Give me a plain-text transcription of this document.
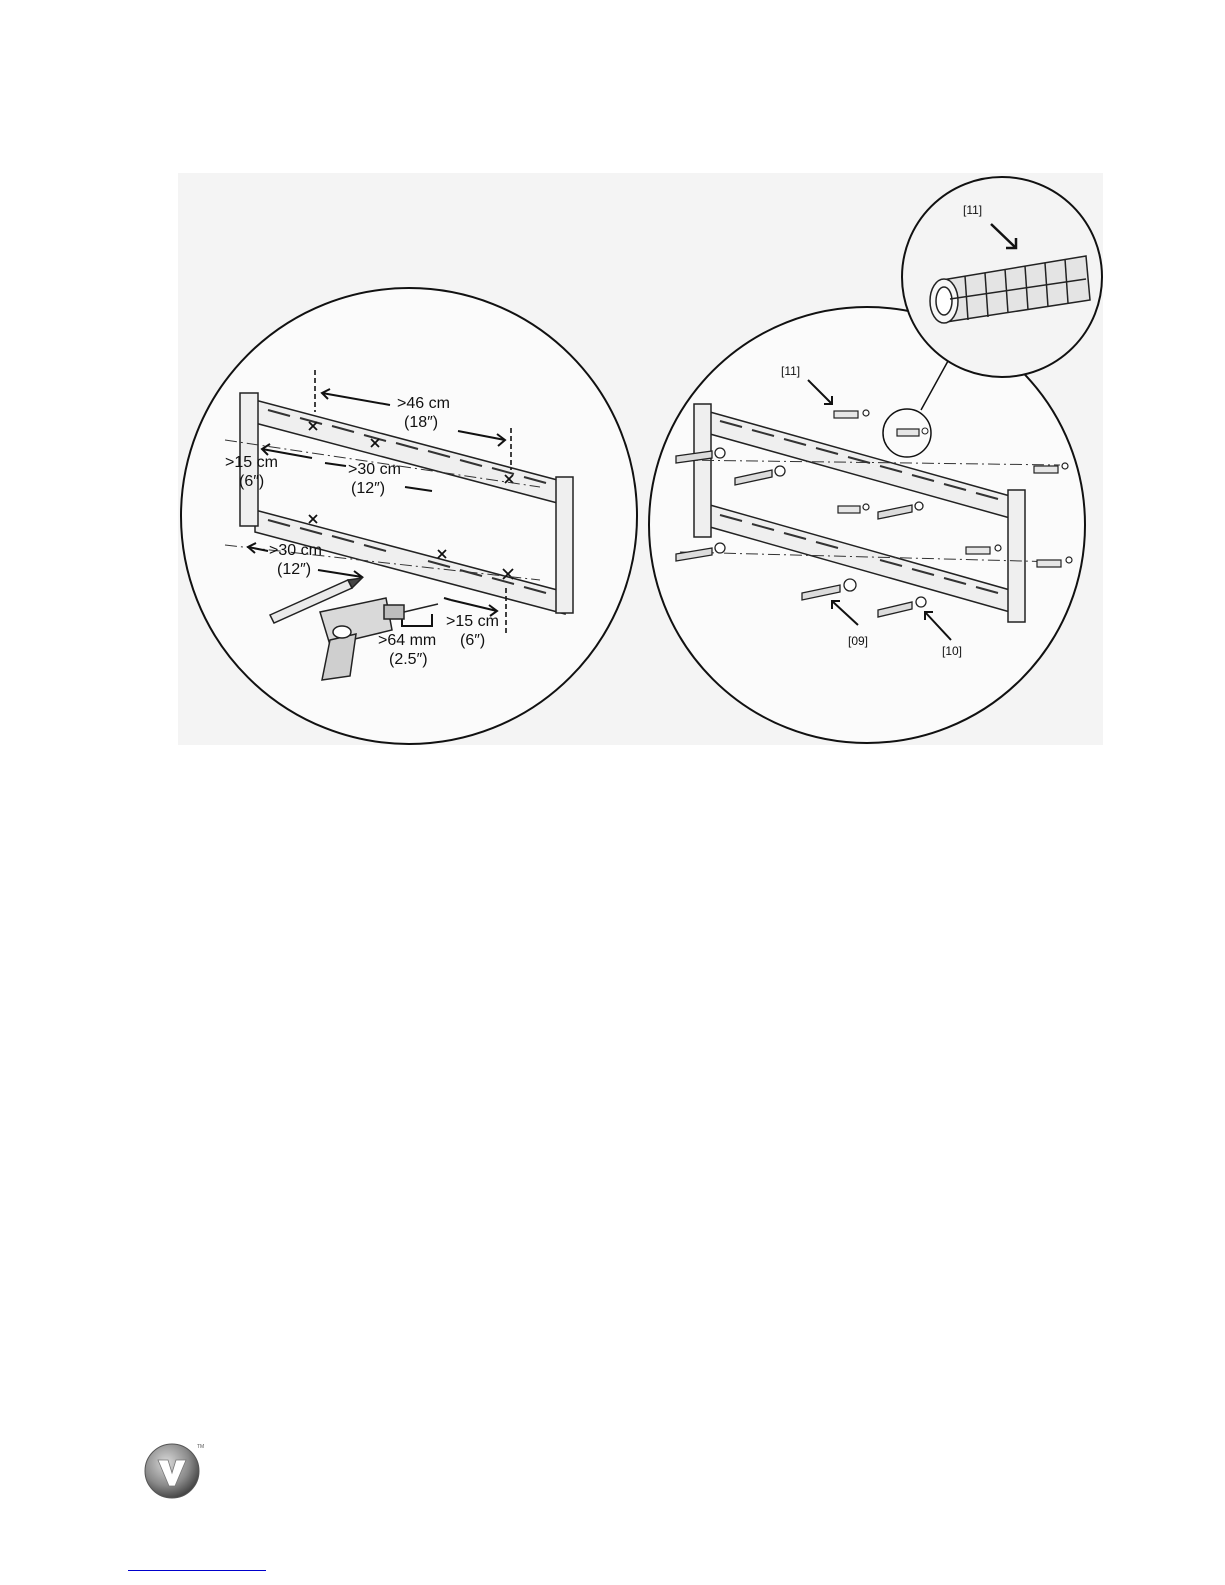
>46 cm
(18″)
>15 cm
(6″)
>30 cm
(12″)
>30 cm
(12″)
>64 mm
(2.5″)
>15 cm
(6″)
[11]
[09]
[10]
[11]
TM
